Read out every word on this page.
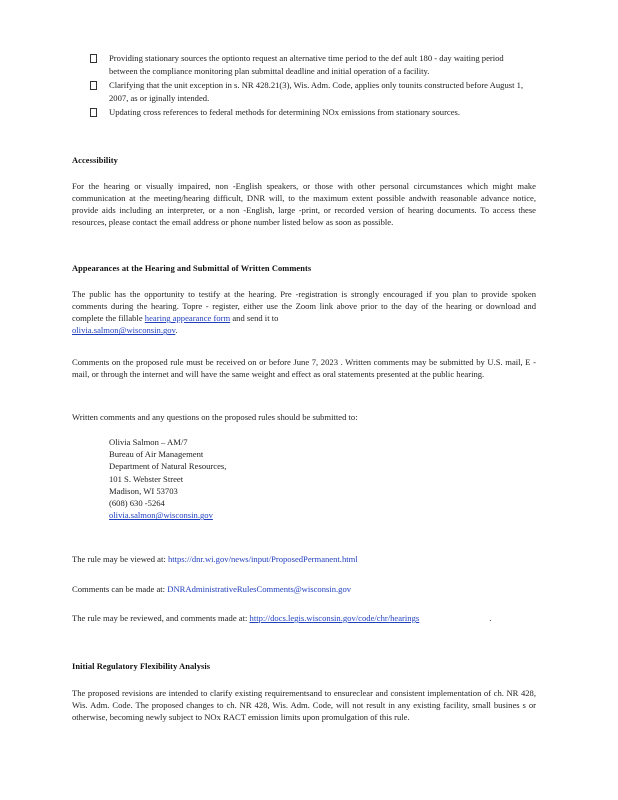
Providing stationary sources the optionto request an alternative time period to the def ault 180 - day waiting period between the compliance monitoring plan submittal deadline and initial operation of a facility.
Clarifying that the unit exception in s. NR 428.21(3), Wis. Adm. Code, applies only tounits constructed before August 1, 2007, as or iginally intended.
Updating cross references to federal methods for determining NOx emissions from stationary sources.
Accessibility

For the hearing or visually impaired, non -English speakers, or those with other personal circumstances which might make communication at the meeting/hearing difficult, DNR will, to the maximum extent possible andwith reasonable advance notice, provide aids including an interpreter, or a non -English, large -print, or recorded version of hearing documents. To access these resources, please contact the email address or phone number listed below as soon as possible.

Appearances at the Hearing and Submittal of Written Comments

The public has the opportunity to testify at the hearing. Pre -registration is strongly encouraged if you plan to provide spoken comments during the hearing. Topre - register, either use the Zoom link above prior to the day of the hearing or download and complete the fillable hearing appearance form and send it to
olivia.salmon@wisconsin.gov.

Comments on the proposed rule must be received on or before June 7, 2023 . Written comments may be submitted by U.S. mail, E -mail, or through the internet and will have the same weight and effect as oral statements presented at the public hearing.

Written comments and any questions on the proposed rules should be submitted to:

Olivia Salmon – AM/7
Bureau of Air Management
Department of Natural Resources,
101 S. Webster Street
Madison, WI 53703
(608) 630 -5264
olivia.salmon@wisconsin.gov
The rule may be viewed at: https://dnr.wi.gov/news/input/ProposedPermanent.html
Comments can be made at: DNRAdministrativeRulesComments@wisconsin.gov
The rule may be reviewed, and comments made at: http://docs.legis.wisconsin.gov/code/chr/hearings	.
Initial Regulatory Flexibility Analysis

The proposed revisions are intended to clarify existing requirementsand to ensureclear and consistent implementation of ch. NR 428, Wis. Adm. Code. The proposed changes to ch. NR 428, Wis. Adm. Code, will not result in any existing facility, small busines s or otherwise, becoming newly subject to NOx RACT emission limits upon promulgation of this rule.
